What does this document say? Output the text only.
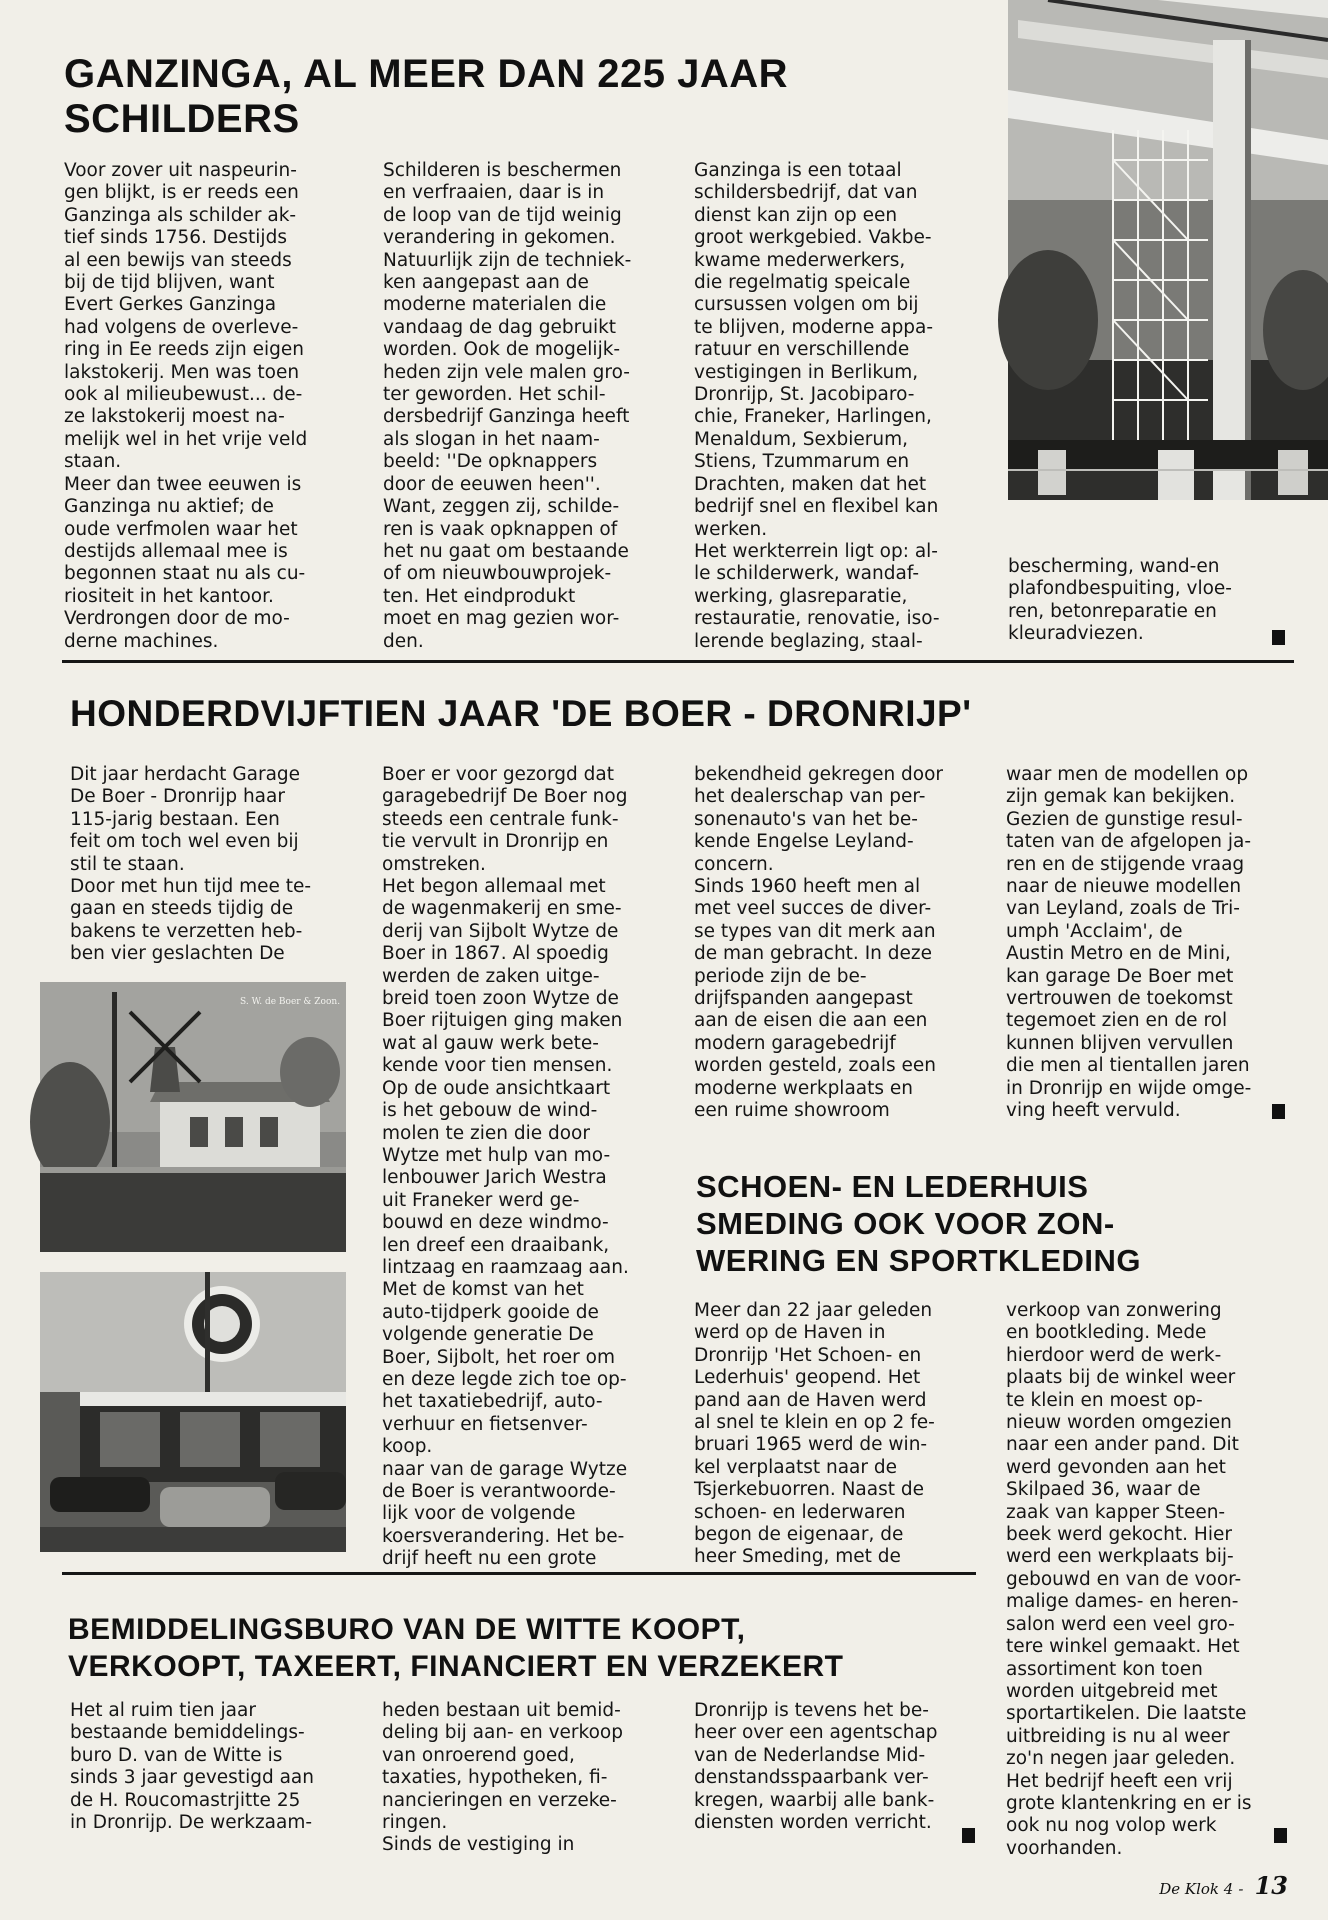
GANZINGA, AL MEER DAN 225 JAAR
SCHILDERS
Voor zover uit naspeurin-
gen blijkt, is er reeds een
Ganzinga als schilder ak-
tief sinds 1756. Destijds
al een bewijs van steeds
bij de tijd blijven, want
Evert Gerkes Ganzinga
had volgens de overleve-
ring in Ee reeds zijn eigen
lakstokerij. Men was toen
ook al milieubewust... de-
ze lakstokerij moest na-
melijk wel in het vrije veld
staan.
Meer dan twee eeuwen is
Ganzinga nu aktief; de
oude verfmolen waar het
destijds allemaal mee is
begonnen staat nu als cu-
riositeit in het kantoor.
Verdrongen door de mo-
derne machines.
Schilderen is beschermen
en verfraaien, daar is in
de loop van de tijd weinig
verandering in gekomen.
Natuurlijk zijn de techniek-
ken aangepast aan de
moderne materialen die
vandaag de dag gebruikt
worden. Ook de mogelijk-
heden zijn vele malen gro-
ter geworden. Het schil-
dersbedrijf Ganzinga heeft
als slogan in het naam-
beeld: ''De opknappers
door de eeuwen heen''.
Want, zeggen zij, schilde-
ren is vaak opknappen of
het nu gaat om bestaande
of om nieuwbouwprojek-
ten. Het eindprodukt
moet en mag gezien wor-
den.
Ganzinga is een totaal
schildersbedrijf, dat van
dienst kan zijn op een
groot werkgebied. Vakbe-
kwame mederwerkers,
die regelmatig speicale
cursussen volgen om bij
te blijven, moderne appa-
ratuur en verschillende
vestigingen in Berlikum,
Dronrijp, St. Jacobiparo-
chie, Franeker, Harlingen,
Menaldum, Sexbierum,
Stiens, Tzummarum en
Drachten, maken dat het
bedrijf snel en flexibel kan
werken.
Het werkterrein ligt op: al-
le schilderwerk, wandaf-
werking, glasreparatie,
restauratie, renovatie, iso-
lerende beglazing, staal-
bescherming, wand-en
plafondbespuiting, vloe-
ren, betonreparatie en
kleuradviezen.
HONDERDVIJFTIEN JAAR 'DE BOER - DRONRIJP'
Dit jaar herdacht Garage
De Boer - Dronrijp haar
115-jarig bestaan. Een
feit om toch wel even bij
stil te staan.
Door met hun tijd mee te-
gaan en steeds tijdig de
bakens te verzetten heb-
ben vier geslachten De
S. W. de Boer & Zoon.
Boer er voor gezorgd dat
garagebedrijf De Boer nog
steeds een centrale funk-
tie vervult in Dronrijp en
omstreken.
Het begon allemaal met
de wagenmakerij en sme-
derij van Sijbolt Wytze de
Boer in 1867. Al spoedig
werden de zaken uitge-
breid toen zoon Wytze de
Boer rijtuigen ging maken
wat al gauw werk bete-
kende voor tien mensen.
Op de oude ansichtkaart
is het gebouw de wind-
molen te zien die door
Wytze met hulp van mo-
lenbouwer Jarich Westra
uit Franeker werd ge-
bouwd en deze windmo-
len dreef een draaibank,
lintzaag en raamzaag aan.
Met de komst van het
auto-tijdperk gooide de
volgende generatie De
Boer, Sijbolt, het roer om
en deze legde zich toe op-
het taxatiebedrijf, auto-
verhuur en fietsenver-
koop.
naar van de garage Wytze
de Boer is verantwoorde-
lijk voor de volgende
koersverandering. Het be-
drijf heeft nu een grote
bekendheid gekregen door
het dealerschap van per-
sonenauto's van het be-
kende Engelse Leyland-
concern.
Sinds 1960 heeft men al
met veel succes de diver-
se types van dit merk aan
de man gebracht. In deze
periode zijn de be-
drijfspanden aangepast
aan de eisen die aan een
modern garagebedrijf
worden gesteld, zoals een
moderne werkplaats en
een ruime showroom
waar men de modellen op
zijn gemak kan bekijken.
Gezien de gunstige resul-
taten van de afgelopen ja-
ren en de stijgende vraag
naar de nieuwe modellen
van Leyland, zoals de Tri-
umph 'Acclaim', de
Austin Metro en de Mini,
kan garage De Boer met
vertrouwen de toekomst
tegemoet zien en de rol
kunnen blijven vervullen
die men al tientallen jaren
in Dronrijp en wijde omge-
ving heeft vervuld.
SCHOEN- EN LEDERHUIS
SMEDING OOK VOOR ZON-
WERING EN SPORTKLEDING
Meer dan 22 jaar geleden
werd op de Haven in
Dronrijp 'Het Schoen- en
Lederhuis' geopend. Het
pand aan de Haven werd
al snel te klein en op 2 fe-
bruari 1965 werd de win-
kel verplaatst naar de
Tsjerkebuorren. Naast de
schoen- en lederwaren
begon de eigenaar, de
heer Smeding, met de
verkoop van zonwering
en bootkleding. Mede
hierdoor werd de werk-
plaats bij de winkel weer
te klein en moest op-
nieuw worden omgezien
naar een ander pand. Dit
werd gevonden aan het
Skilpaed 36, waar de
zaak van kapper Steen-
beek werd gekocht. Hier
werd een werkplaats bij-
gebouwd en van de voor-
malige dames- en heren-
salon werd een veel gro-
tere winkel gemaakt. Het
assortiment kon toen
worden uitgebreid met
sportartikelen. Die laatste
uitbreiding is nu al weer
zo'n negen jaar geleden.
Het bedrijf heeft een vrij
grote klantenkring en er is
ook nu nog volop werk
voorhanden.
BEMIDDELINGSBURO VAN DE WITTE KOOPT,
VERKOOPT, TAXEERT, FINANCIERT EN VERZEKERT
Het al ruim tien jaar
bestaande bemiddelings-
buro D. van de Witte is
sinds 3 jaar gevestigd aan
de H. Roucomastrjitte 25
in Dronrijp. De werkzaam-
heden bestaan uit bemid-
deling bij aan- en verkoop
van onroerend goed,
taxaties, hypotheken, fi-
nancieringen en verzeke-
ringen.
Sinds de vestiging in
Dronrijp is tevens het be-
heer over een agentschap
van de Nederlandse Mid-
denstandsspaarbank ver-
kregen, waarbij alle bank-
diensten worden verricht.
De Klok 4 - 13
